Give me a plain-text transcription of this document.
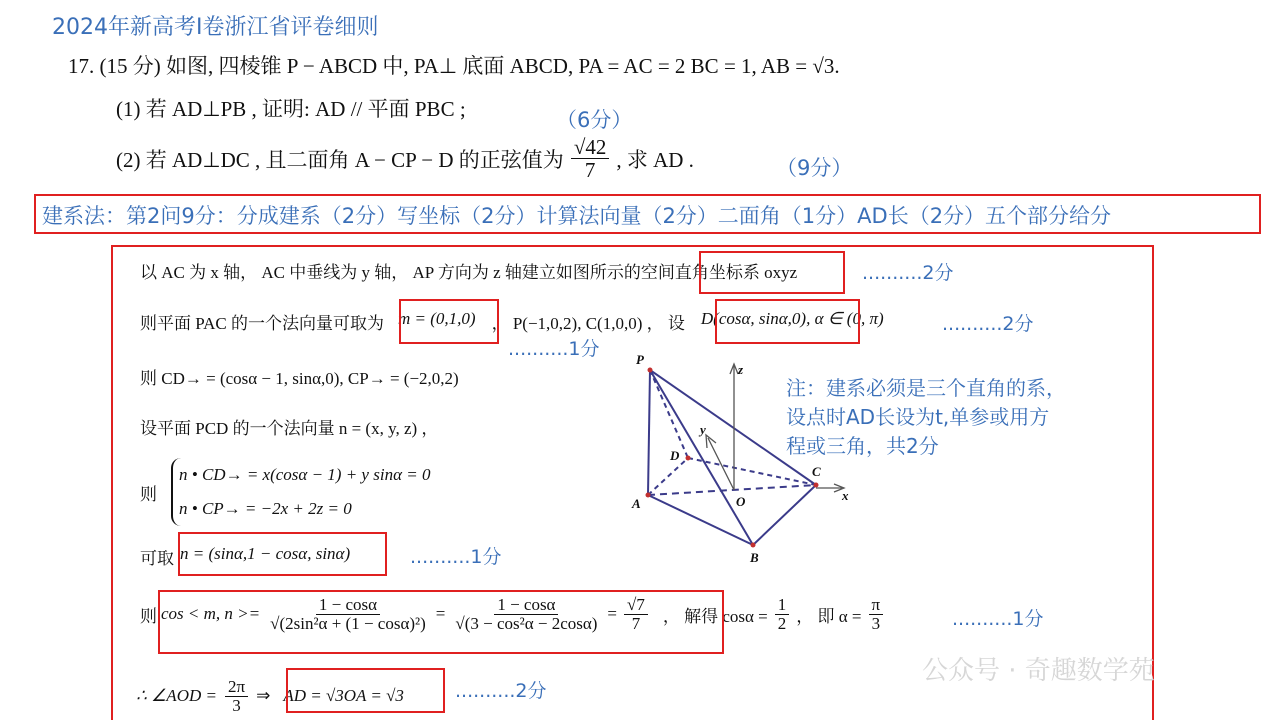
2024年新高考Ⅰ卷浙江省评卷细则
17. (15 分) 如图, 四棱锥 P − ABCD 中, PA⊥ 底面 ABCD, PA = AC = 2 BC = 1, AB = √3.
(1) 若 AD⊥PB , 证明: AD // 平面 PBC ;	（6分）
(2) 若 AD⊥DC , 且二面角 A − CP − D 的正弦值为 $\frac{√42}{7}$ , 求 AD .	（9分）
建系法：第2问9分：分成建系（2分）写坐标（2分）计算法向量（2分）二面角（1分）AD长（2分）五个部分给分
以 AC 为 x 轴， AC 中垂线为 y 轴， AP 方向为 z 轴建立如图所示的空间直角坐标系 oxyz	..........2分
则平面 PAC 的一个法向量可取为 m = (0,1,0) ， P(−1,0,2), C(1,0,0) ， 设 D(cosα, sinα,0), α ∈ (0, π)	..........2分
..........1分
则 CD→ = (cosα − 1, sinα,0), CP→ = (−2,0,2)
设平面 PCD 的一个法向量 n = (x, y, z) ，
则
n • CD→ = x(cosα − 1) + y sinα = 0
n • CP→ = −2x + 2z = 0
可取 n = (sinα,1 − cosα, sinα)	..........1分
则 cos < m, $n >= \frac{1 - \cos\alpha}{\text{√(2sin²α + (1 − cosα)²)}} = \frac{1 - \cos\alpha}{\text{√(3 − cos²α − 2cosα)}} = \frac{√7}{7}$ ， 解得 $\cos\alpha = \frac{1}{2}$ ， 即 $\alpha = \frac{\pi}{3}$	..........1分
∴ ∠AOD = $\frac{2\pi}{3}$ ⇒ AD = √3OA = √3	..........2分
注：建系必须是三个直角的系，
设点时AD长设为t,单参或用方
程或三角，共2分
P
A
B
C
D
O	x
y
z
公众号 · 奇趣数学苑
